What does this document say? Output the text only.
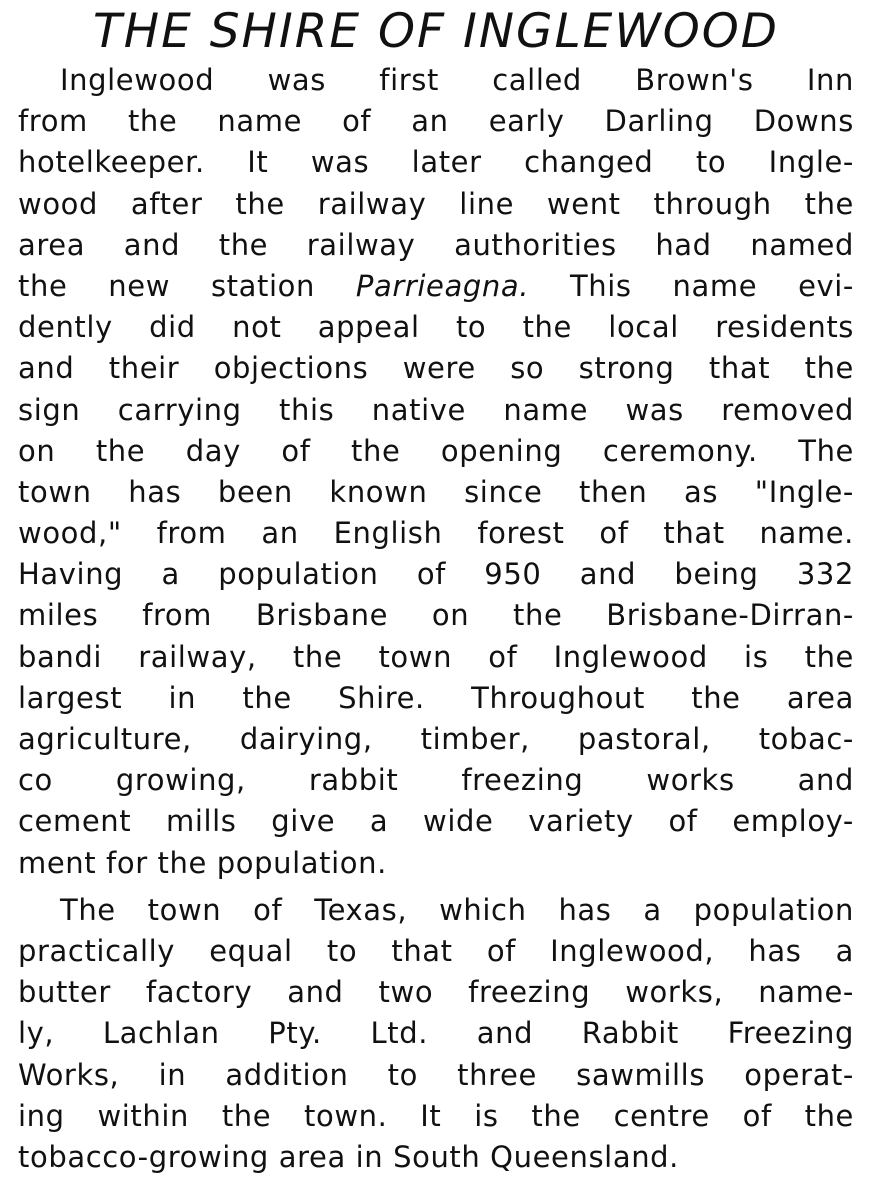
THE SHIRE OF INGLEWOOD
Inglewood was first called Brown's Inn
from the name of an early Darling Downs
hotelkeeper. It was later changed to Ingle-
wood after the railway line went through the
area and the railway authorities had named
the new station Parrieagna. This name evi-
dently did not appeal to the local residents
and their objections were so strong that the
sign carrying this native name was removed
on the day of the opening ceremony. The
town has been known since then as "Ingle-
wood," from an English forest of that name.
Having a population of 950 and being 332
miles from Brisbane on the Brisbane-Dirran-
bandi railway, the town of Inglewood is the
largest in the Shire. Throughout the area
agriculture, dairying, timber, pastoral, tobac-
co growing, rabbit freezing works and
cement mills give a wide variety of employ-
ment for the population.
The town of Texas, which has a population
practically equal to that of Inglewood, has a
butter factory and two freezing works, name-
ly, Lachlan Pty. Ltd. and Rabbit Freezing
Works, in addition to three sawmills operat-
ing within the town. It is the centre of the
tobacco-growing area in South Queensland.
